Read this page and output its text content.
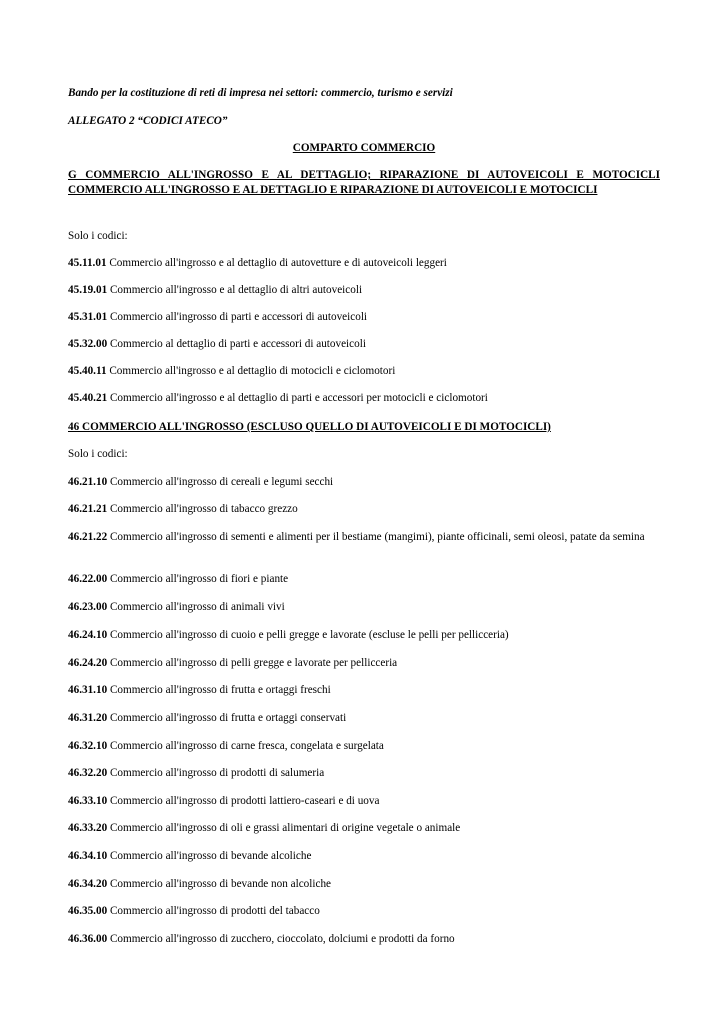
Bando per la costituzione di reti di impresa nei settori: commercio, turismo e servizi
ALLEGATO 2 “CODICI ATECO”
COMPARTO COMMERCIO
G COMMERCIO ALL'INGROSSO E AL DETTAGLIO; RIPARAZIONE DI AUTOVEICOLI E MOTOCICLI COMMERCIO ALL'INGROSSO E AL DETTAGLIO E RIPARAZIONE DI AUTOVEICOLI E MOTOCICLI
Solo i codici:
45.11.01 Commercio all'ingrosso e al dettaglio di autovetture e di autoveicoli leggeri
45.19.01 Commercio all'ingrosso e al dettaglio di altri autoveicoli
45.31.01 Commercio all'ingrosso di parti e accessori di autoveicoli
45.32.00 Commercio al dettaglio di parti e accessori di autoveicoli
45.40.11 Commercio all'ingrosso e al dettaglio di motocicli e ciclomotori
45.40.21 Commercio all'ingrosso e al dettaglio di parti e accessori per motocicli e ciclomotori
46 COMMERCIO ALL'INGROSSO (ESCLUSO QUELLO DI AUTOVEICOLI E DI MOTOCICLI)
Solo i codici:
46.21.10 Commercio all'ingrosso di cereali e legumi secchi
46.21.21 Commercio all'ingrosso di tabacco grezzo
46.21.22 Commercio all'ingrosso di sementi e alimenti per il bestiame (mangimi), piante officinali, semi oleosi, patate da semina
46.22.00 Commercio all'ingrosso di fiori e piante
46.23.00 Commercio all'ingrosso di animali vivi
46.24.10 Commercio all'ingrosso di cuoio e pelli gregge e lavorate (escluse le pelli per pellicceria)
46.24.20 Commercio all'ingrosso di pelli gregge e lavorate per pellicceria
46.31.10 Commercio all'ingrosso di frutta e ortaggi freschi
46.31.20 Commercio all'ingrosso di frutta e ortaggi conservati
46.32.10 Commercio all'ingrosso di carne fresca, congelata e surgelata
46.32.20 Commercio all'ingrosso di prodotti di salumeria
46.33.10 Commercio all'ingrosso di prodotti lattiero-caseari e di uova
46.33.20 Commercio all'ingrosso di oli e grassi alimentari di origine vegetale o animale
46.34.10 Commercio all'ingrosso di bevande alcoliche
46.34.20 Commercio all'ingrosso di bevande non alcoliche
46.35.00 Commercio all'ingrosso di prodotti del tabacco
46.36.00 Commercio all'ingrosso di zucchero, cioccolato, dolciumi e prodotti da forno
